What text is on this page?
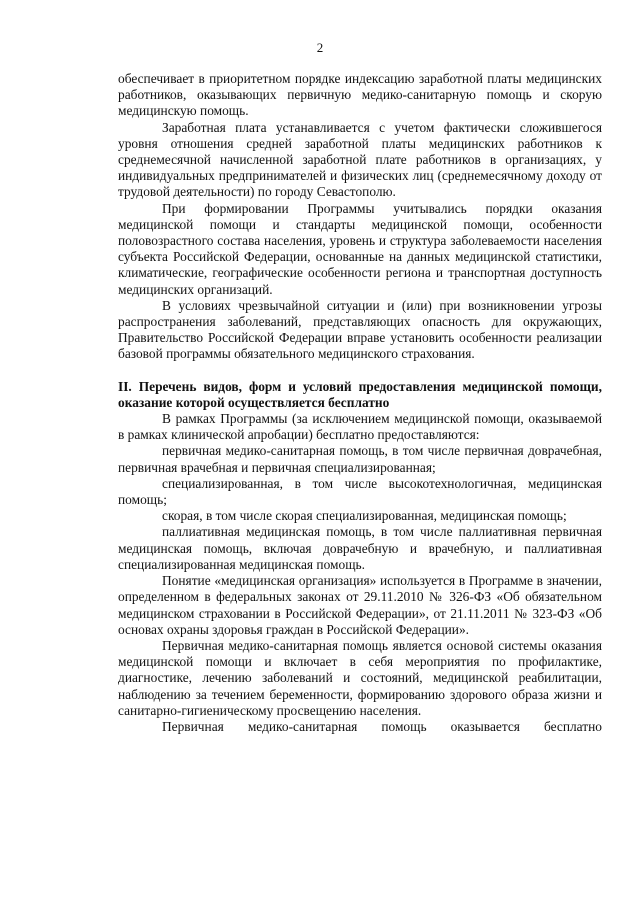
2

обеспечивает в приоритетном порядке индексацию заработной платы медицинских работников, оказывающих первичную медико-санитарную помощь и скорую медицинскую помощь.

Заработная плата устанавливается с учетом фактически сложившегося уровня отношения средней заработной платы медицинских работников к среднемесячной начисленной заработной плате работников в организациях, у индивидуальных предпринимателей и физических лиц (среднемесячному доходу от трудовой деятельности) по городу Севастополю.

При формировании Программы учитывались порядки оказания медицинской помощи и стандарты медицинской помощи, особенности половозрастного состава населения, уровень и структура заболеваемости населения субъекта Российской Федерации, основанные на данных медицинской статистики, климатические, географические особенности региона и транспортная доступность медицинских организаций.

В условиях чрезвычайной ситуации и (или) при возникновении угрозы распространения заболеваний, представляющих опасность для окружающих, Правительство Российской Федерации вправе установить особенности реализации базовой программы обязательного медицинского страхования.

II. Перечень видов, форм и условий предоставления медицинской помощи, оказание которой осуществляется бесплатно

В рамках Программы (за исключением медицинской помощи, оказываемой в рамках клинической апробации) бесплатно предоставляются:

первичная медико-санитарная помощь, в том числе первичная доврачебная, первичная врачебная и первичная специализированная;

специализированная, в том числе высокотехнологичная, медицинская помощь;

скорая, в том числе скорая специализированная, медицинская помощь;

паллиативная медицинская помощь, в том числе паллиативная первичная медицинская помощь, включая доврачебную и врачебную, и паллиативная специализированная медицинская помощь.

Понятие «медицинская организация» используется в Программе в значении, определенном в федеральных законах от 29.11.2010 № 326-ФЗ «Об обязательном медицинском страховании в Российской Федерации», от 21.11.2011 № 323-ФЗ «Об основах охраны здоровья граждан в Российской Федерации».

Первичная медико-санитарная помощь является основой системы оказания медицинской помощи и включает в себя мероприятия по профилактике, диагностике, лечению заболеваний и состояний, медицинской реабилитации, наблюдению за течением беременности, формированию здорового образа жизни и санитарно-гигиеническому просвещению населения.

Первичная медико-санитарная помощь оказывается бесплатно
